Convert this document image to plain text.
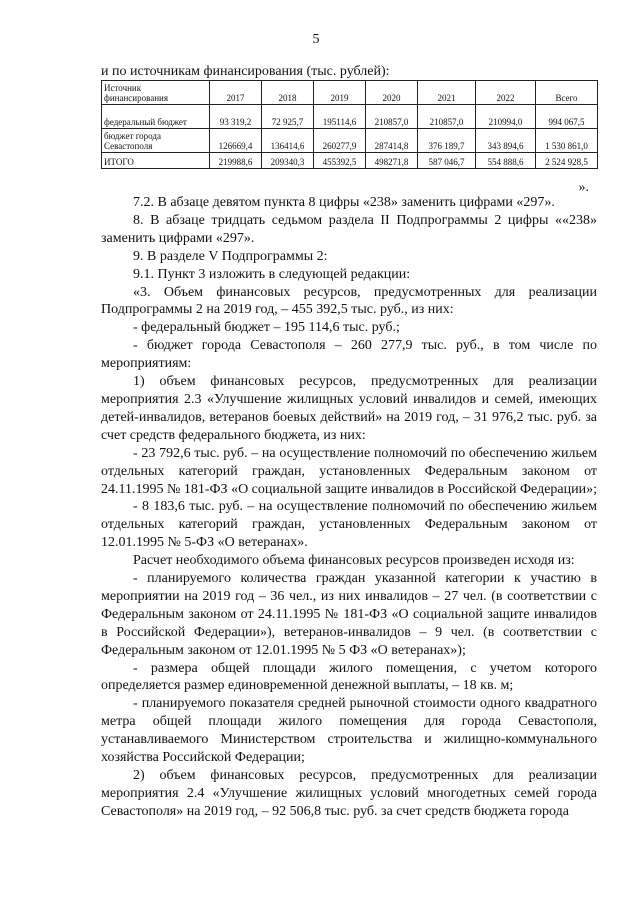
5
и по источникам финансирования (тыс. рублей):
Источник финансирования	2017	2018	2019	2020	2021	2022	Всего
федеральный бюджет	93 319,2	72 925,7	195114,6	210857,0	210857,0	210994,0	994 067,5
бюджет города Севастополя	126669,4	136414,6	260277,9	287414,8	376 189,7	343 894,6	1 530 861,0
ИТОГО	219988,6	209340,3	455392,5	498271,8	587 046,7	554 888,6	2 524 928,5
».

7.2. В абзаце девятом пункта 8 цифры «238» заменить цифрами «297».

8. В абзаце тридцать седьмом раздела II Подпрограммы 2 цифры ««238» заменить цифрами «297».

9. В разделе V Подпрограммы 2:

9.1. Пункт 3 изложить в следующей редакции:

«3. Объем финансовых ресурсов, предусмотренных для реализации Подпрограммы 2 на 2019 год, – 455 392,5 тыс. руб., из них:

- федеральный бюджет – 195 114,6 тыс. руб.;

- бюджет города Севастополя – 260 277,9 тыс. руб., в том числе по мероприятиям:

1) объем финансовых ресурсов, предусмотренных для реализации мероприятия 2.3 «Улучшение жилищных условий инвалидов и семей, имеющих детей-инвалидов, ветеранов боевых действий» на 2019 год, – 31 976,2 тыс. руб. за счет средств федерального бюджета, из них:

- 23 792,6 тыс. руб. – на осуществление полномочий по обеспечению жильем отдельных категорий граждан, установленных Федеральным законом от 24.11.1995 № 181-ФЗ «О социальной защите инвалидов в Российской Федерации»;

- 8 183,6 тыс. руб. – на осуществление полномочий по обеспечению жильем отдельных категорий граждан, установленных Федеральным законом от 12.01.1995 № 5-ФЗ «О ветеранах».

Расчет необходимого объема финансовых ресурсов произведен исходя из:

- планируемого количества граждан указанной категории к участию в мероприятии на 2019 год – 36 чел., из них инвалидов – 27 чел. (в соответствии с Федеральным законом от 24.11.1995 № 181-ФЗ «О социальной защите инвалидов в Российской Федерации»), ветеранов-инвалидов – 9 чел. (в соответствии с Федеральным законом от 12.01.1995 № 5 ФЗ «О ветеранах»);

- размера общей площади жилого помещения, с учетом которого определяется размер единовременной денежной выплаты, – 18 кв. м;

- планируемого показателя средней рыночной стоимости одного квадратного метра общей площади жилого помещения для города Севастополя, устанавливаемого Министерством строительства и жилищно-коммунального хозяйства Российской Федерации;

2) объем финансовых ресурсов, предусмотренных для реализации мероприятия 2.4 «Улучшение жилищных условий многодетных семей города Севастополя» на 2019 год, – 92 506,8 тыс. руб. за счет средств бюджета города
